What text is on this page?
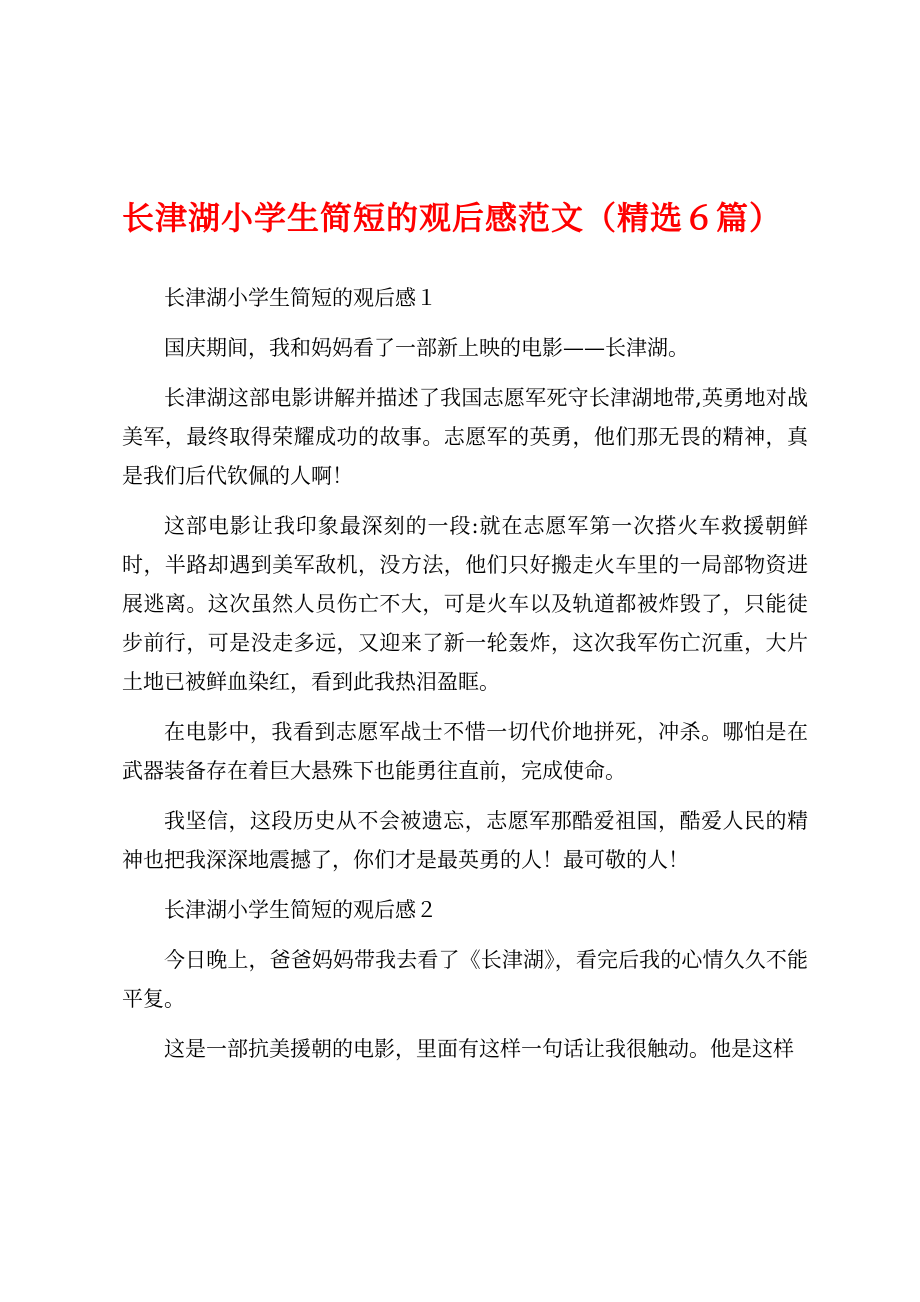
长津湖小学生简短的观后感范文（精选６篇）

长津湖小学生简短的观后感１

国庆期间，我和妈妈看了一部新上映的电影——长津湖。

长津湖这部电影讲解并描述了我国志愿军死守长津湖地带,英勇地对战美军，最终取得荣耀成功的故事。志愿军的英勇，他们那无畏的精神，真是我们后代钦佩的人啊！

这部电影让我印象最深刻的一段:就在志愿军第一次搭火车救援朝鲜时，半路却遇到美军敌机，没方法，他们只好搬走火车里的一局部物资进展逃离。这次虽然人员伤亡不大，可是火车以及轨道都被炸毁了，只能徒步前行，可是没走多远，又迎来了新一轮轰炸，这次我军伤亡沉重，大片土地已被鲜血染红，看到此我热泪盈眶。

在电影中，我看到志愿军战士不惜一切代价地拼死，冲杀。哪怕是在武器装备存在着巨大悬殊下也能勇往直前，完成使命。

我坚信，这段历史从不会被遗忘，志愿军那酷爱祖国，酷爱人民的精神也把我深深地震撼了，你们才是最英勇的人！最可敬的人！

长津湖小学生简短的观后感２

今日晚上，爸爸妈妈带我去看了《长津湖》，看完后我的心情久久不能平复。

这是一部抗美援朝的电影，里面有这样一句话让我很触动。他是这样
